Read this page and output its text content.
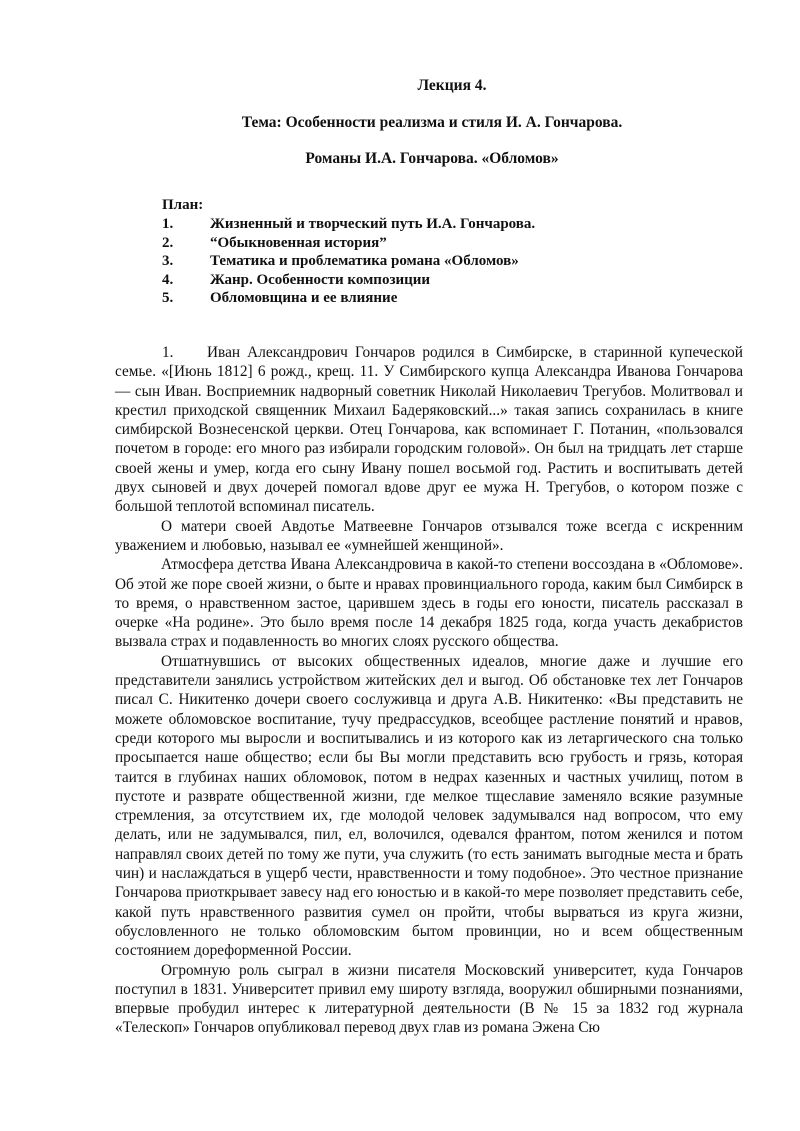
Лекция 4.
Тема: Особенности реализма и стиля И. А. Гончарова.
Романы И.А. Гончарова. «Обломов»
План:
1. Жизненный и творческий путь И.А. Гончарова.
2. “Обыкновенная история”
3. Тематика и проблематика романа «Обломов»
4. Жанр. Особенности композиции
5. Обломовщина и ее влияние

1. Иван Александрович Гончаров родился в Симбирске, в старинной купеческой семье. «[Июнь 1812] 6 рожд., крещ. 11. У Симбирского купца Александра Иванова Гончарова — сын Иван. Восприемник надворный советник Николай Николаевич Трегубов. Молитвовал и крестил приходской священник Михаил Бадеряковский...» такая запись сохранилась в книге симбирской Вознесенской церкви. Отец Гончарова, как вспоминает Г. Потанин, «пользовался почетом в городе: его много раз избирали городским головой». Он был на тридцать лет старше своей жены и умер, когда его сыну Ивану пошел восьмой год. Растить и воспитывать детей двух сыновей и двух дочерей помогал вдове друг ее мужа Н. Трегубов, о котором позже с большой теплотой вспоминал писатель.

О матери своей Авдотье Матвеевне Гончаров отзывался тоже всегда с искренним уважением и любовью, называл ее «умнейшей женщиной».

Атмосфера детства Ивана Александровича в какой-то степени воссоздана в «Обломове». Об этой же поре своей жизни, о быте и нравах провинциального города, каким был Симбирск в то время, о нравственном застое, царившем здесь в годы его юности, писатель рассказал в очерке «На родине». Это было время после 14 декабря 1825 года, когда участь декабристов вызвала страх и подавленность во многих слоях русского общества.

Отшатнувшись от высоких общественных идеалов, многие даже и лучшие его представители занялись устройством житейских дел и выгод. Об обстановке тех лет Гончаров писал С. Никитенко дочери своего сослуживца и друга А.В. Никитенко: «Вы представить не можете обломовское воспитание, тучу предрассудков, всеобщее растление понятий и нравов, среди которого мы выросли и воспитывались и из которого как из летаргического сна только просыпается наше общество; если бы Вы могли представить всю грубость и грязь, которая таится в глубинах наших обломовок, потом в недрах казенных и частных училищ, потом в пустоте и разврате общественной жизни, где мелкое тщеславие заменяло всякие разумные стремления, за отсутствием их, где молодой человек задумывался над вопросом, что ему делать, или не задумывался, пил, ел, волочился, одевался франтом, потом женился и потом направлял своих детей по тому же пути, уча служить (то есть занимать выгодные места и брать чин) и наслаждаться в ущерб чести, нравственности и тому подобное». Это честное признание Гончарова приоткрывает завесу над его юностью и в какой-то мере позволяет представить себе, какой путь нравственного развития сумел он пройти, чтобы вырваться из круга жизни, обусловленного не только обломовским бытом провинции, но и всем общественным состоянием дореформенной России.

Огромную роль сыграл в жизни писателя Московский университет, куда Гончаров поступил в 1831. Университет привил ему широту взгляда, вооружил обширными познаниями, впервые пробудил интерес к литературной деятельности (В № 15 за 1832 год журнала «Телескоп» Гончаров опубликовал перевод двух глав из романа Эжена Сю
